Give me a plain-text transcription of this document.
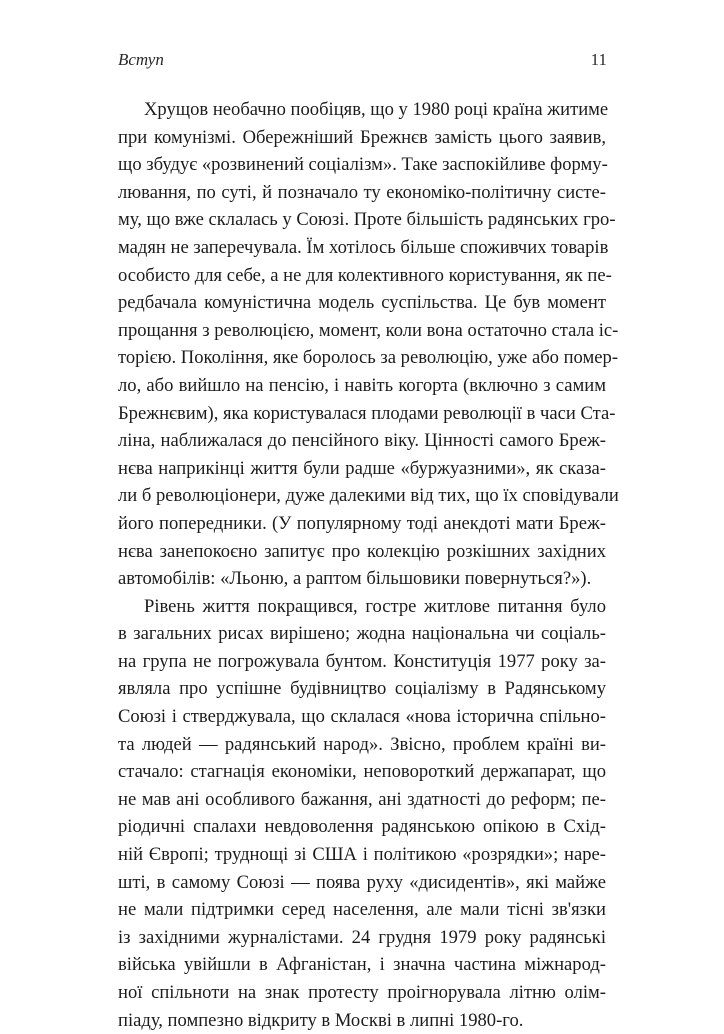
Вступ	11
Хрущов необачно пообіцяв, що у 1980 році країна житиме
при комунізмі. Обережніший Брежнєв замість цього заявив,
що збудує «розвинений соціалізм». Таке заспокійливе форму-
лювання, по суті, й позначало ту економіко-політичну систе-
му, що вже склалась у Союзі. Проте більшість радянських гро-
мадян не заперечувала. Їм хотілось більше споживчих товарів
особисто для себе, а не для колективного користування, як пе-
редбачала комуністична модель суспільства. Це був момент
прощання з революцією, момент, коли вона остаточно стала іс-
торією. Покоління, яке боролось за революцію, уже або помер-
ло, або вийшло на пенсію, і навіть когорта (включно з самим
Брежнєвим), яка користувалася плодами революції в часи Ста-
ліна, наближалася до пенсійного віку. Цінності самого Бреж-
нєва наприкінці життя були радше «буржуазними», як сказа-
ли б революціонери, дуже далекими від тих, що їх сповідували
його попередники. (У популярному тоді анекдоті мати Бреж-
нєва занепокоєно запитує про колекцію розкішних західних
автомобілів: «Льоню, а раптом більшовики повернуться?»).
Рівень життя покращився, гостре житлове питання було
в загальних рисах вирішено; жодна національна чи соціаль-
на група не погрожувала бунтом. Конституція 1977 року за-
являла про успішне будівництво соціалізму в Радянському
Союзі і стверджувала, що склалася «нова історична спільно-
та людей — радянський народ». Звісно, проблем країні ви-
стачало: стагнація економіки, неповороткий держапарат, що
не мав ані особливого бажання, ані здатності до реформ; пе-
ріодичні спалахи невдоволення радянською опікою в Схід-
ній Європі; труднощі зі США і політикою «розрядки»; наре-
шті, в самому Союзі — поява руху «дисидентів», які майже
не мали підтримки серед населення, але мали тісні зв'язки
із західними журналістами. 24 грудня 1979 року радянські
війська увійшли в Афганістан, і значна частина міжнарод-
ної спільноти на знак протесту проігнорувала літню олім-
піаду, помпезно відкриту в Москві в липні 1980-го.
